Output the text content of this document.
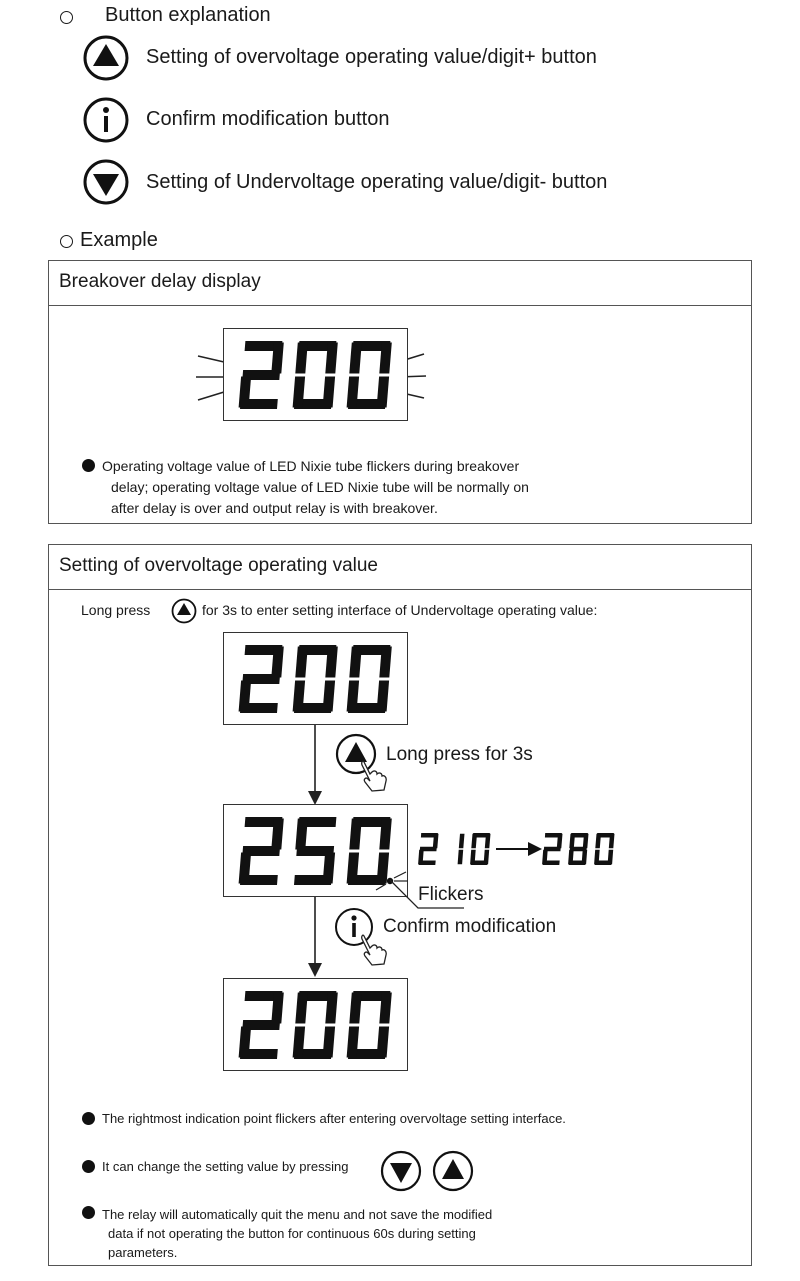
Button explanation
Setting of overvoltage operating value/digit+ button
Confirm modification button
Setting of Undervoltage operating value/digit- button
Example
Breakover delay display
Operating voltage value of LED Nixie tube flickers during breakover
delay; operating voltage value of LED Nixie tube will be normally on
after delay is over and output relay is with breakover.
Setting of overvoltage operating value
Long press	for 3s to enter setting interface of Undervoltage operating value:
Long press for 3s
Flickers
Confirm modification
The rightmost indication point flickers after entering overvoltage setting interface.
It can change the setting value by pressing
The relay will automatically quit the menu and not save the modified
data if not operating the button for continuous 60s during setting
parameters.
